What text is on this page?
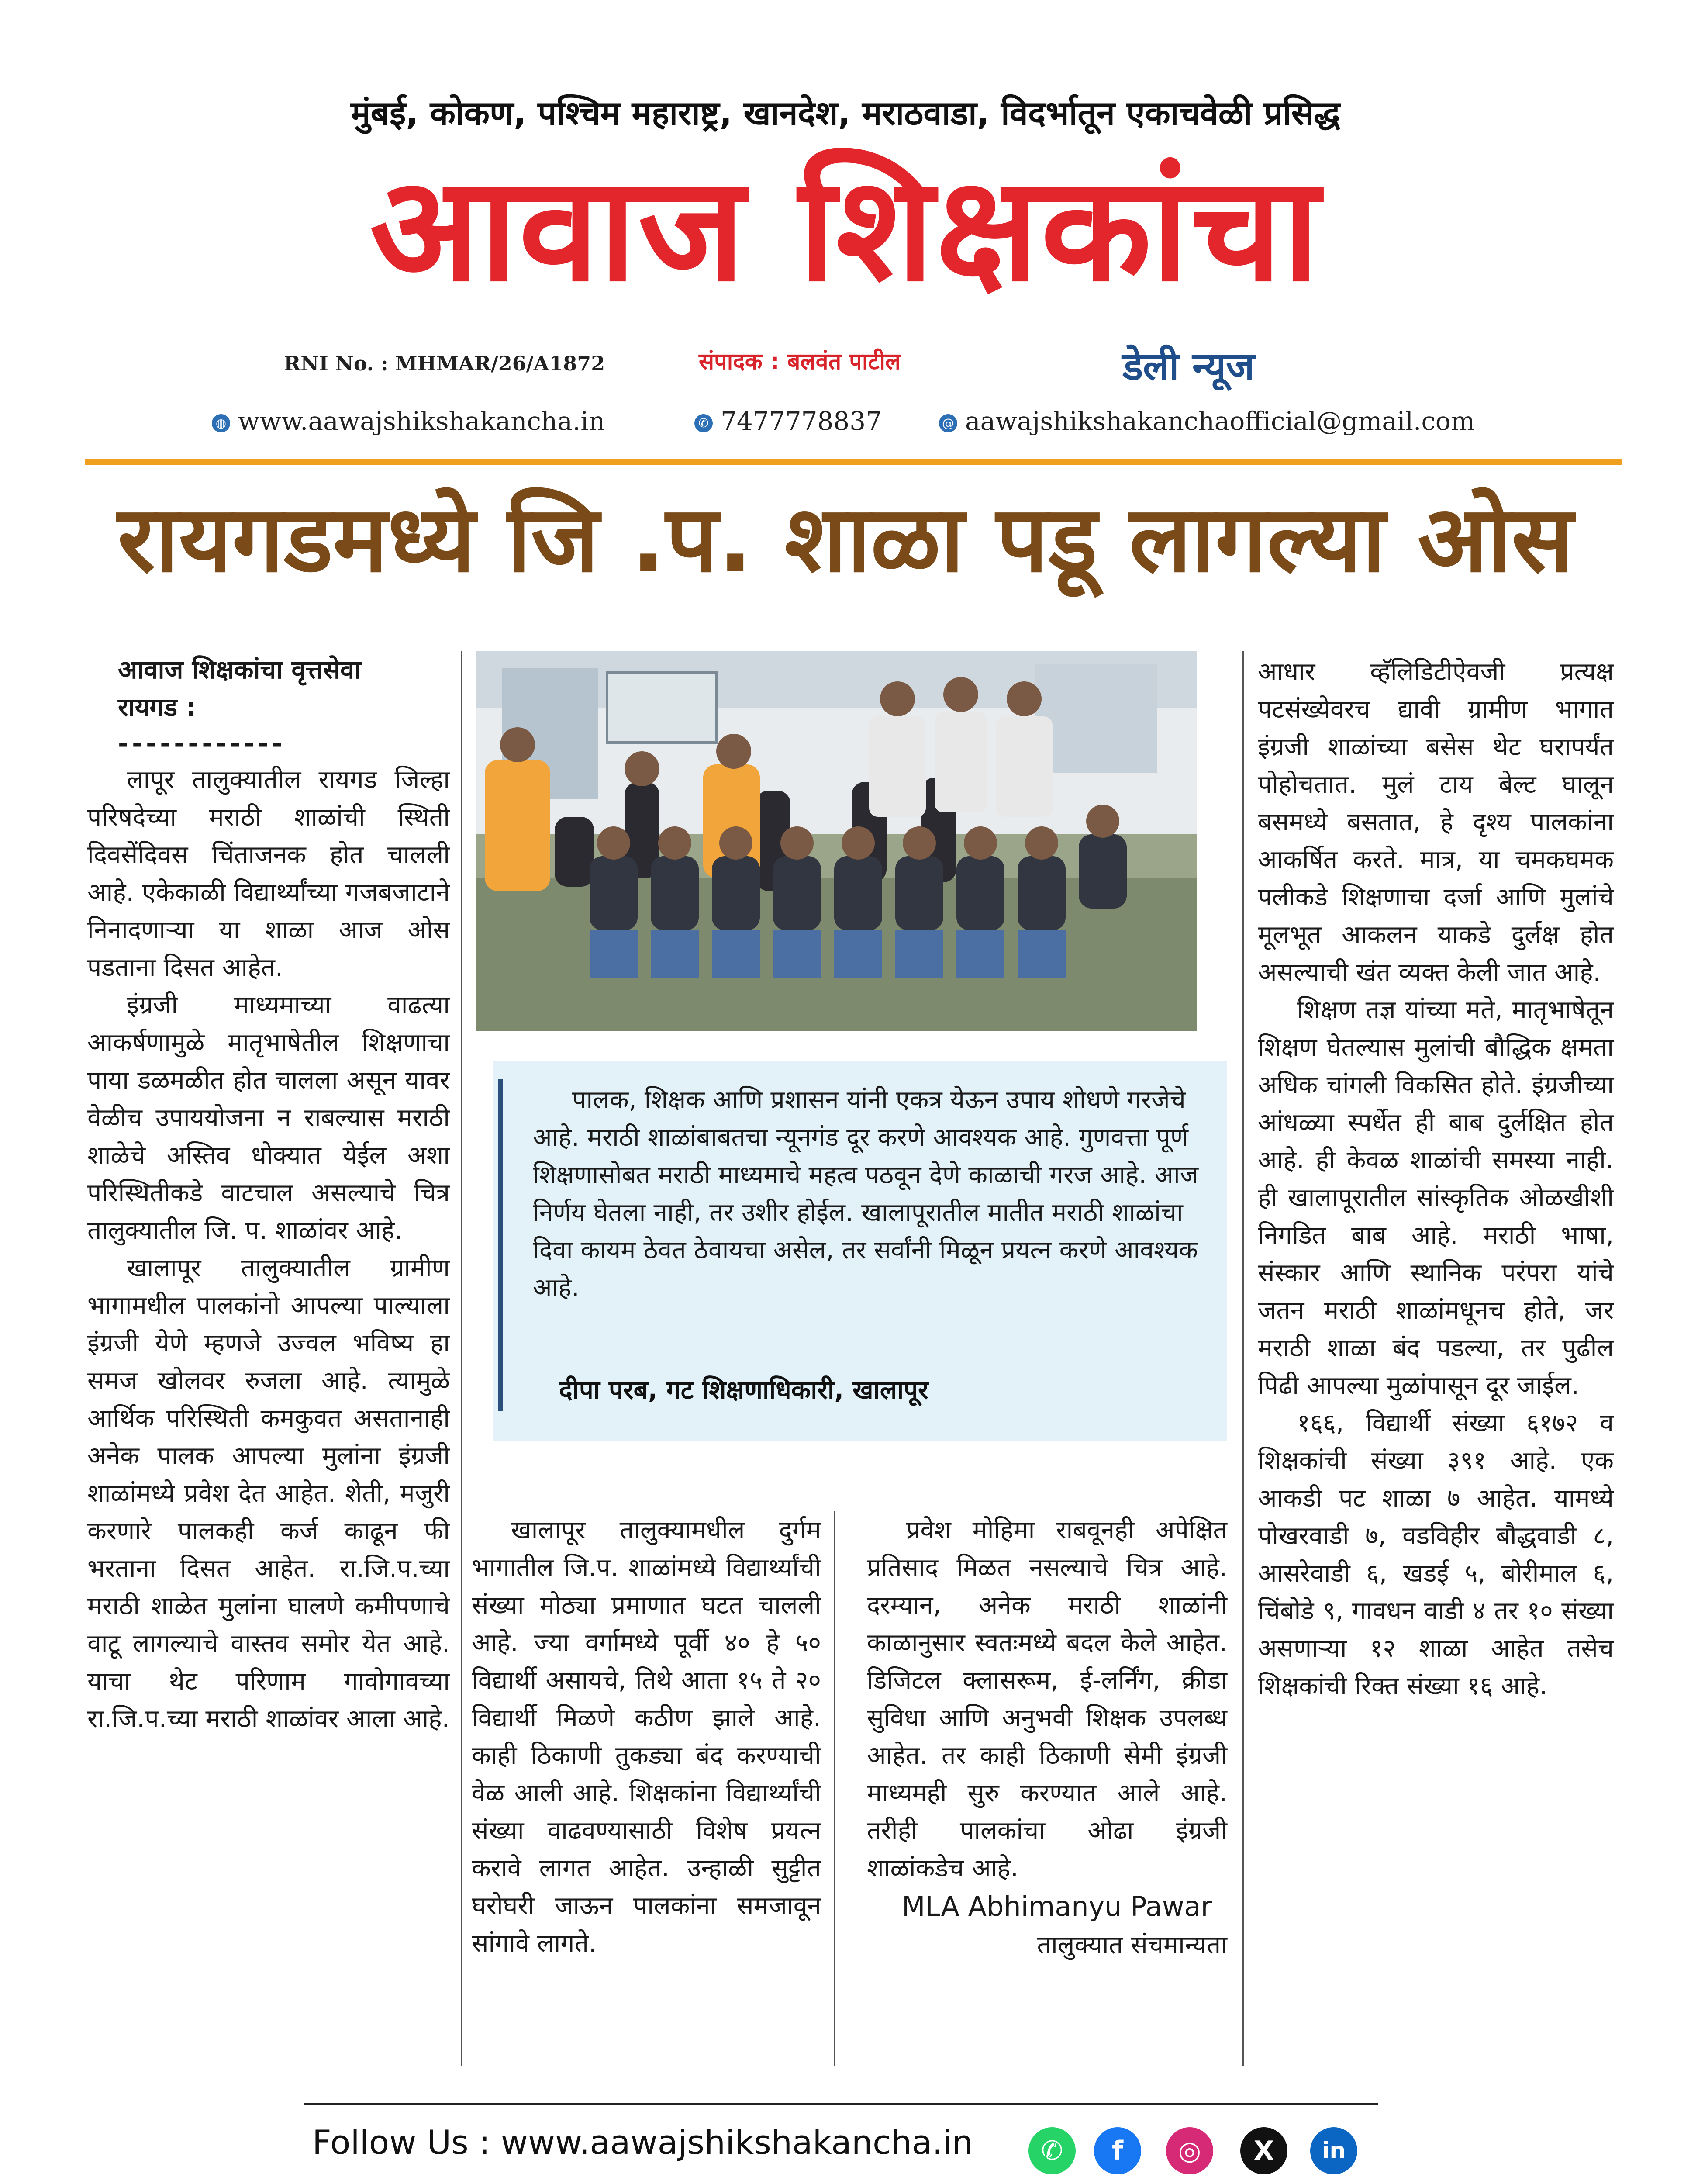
मुंबई, कोकण, पश्चिम महाराष्ट्र, खानदेश, मराठवाडा, विदर्भातून एकाचवेळी प्रसिद्ध
आवाज शिक्षकांचा
RNI No. : MHMAR/26/A1872	संपादक : बलवंत पाटील	डेली न्यूज
◍ www.aawajshikshakancha.in	✆ 7477778837	@ aawajshikshakanchaofficial@gmail.com
रायगडमध्ये जि .प. शाळा पडू लागल्या ओस
आवाज शिक्षकांचा वृत्तसेवा
रायगड :
------------

लापूर तालुक्यातील रायगड जिल्हा परिषदेच्या मराठी शाळांची स्थिती दिवसेंदिवस चिंताजनक होत चालली आहे. एकेकाळी विद्यार्थ्यांच्या गजबजाटाने निनादणाऱ्या या शाळा आज ओस पडताना दिसत आहेत.

इंग्रजी माध्यमाच्या वाढत्या आकर्षणामुळे मातृभाषेतील शिक्षणाचा पाया डळमळीत होत चालला असून यावर वेळीच उपाययोजना न राबल्यास मराठी शाळेचे अस्तिव धोक्यात येईल अशा परिस्थितीकडे वाटचाल असल्याचे चित्र तालुक्यातील जि. प. शाळांवर आहे.

खालापूर तालुक्यातील ग्रामीण भागामधील पालकांनो आपल्या पाल्याला इंग्रजी येणे म्हणजे उज्वल भविष्य हा समज खोलवर रुजला आहे. त्यामुळे आर्थिक परिस्थिती कमकुवत असतानाही अनेक पालक आपल्या मुलांना इंग्रजी शाळांमध्ये प्रवेश देत आहेत. शेती, मजुरी करणारे पालकही कर्ज काढून फी भरताना दिसत आहेत. रा.जि.प.च्या मराठी शाळेत मुलांना घालणे कमीपणाचे वाटू लागल्याचे वास्तव समोर येत आहे. याचा थेट परिणाम गावोगावच्या रा.जि.प.च्या मराठी शाळांवर आला आहे.

पालक, शिक्षक आणि प्रशासन यांनी एकत्र येऊन उपाय शोधणे गरजेचे आहे. मराठी शाळांबाबतचा न्यूनगंड दूर करणे आवश्यक आहे. गुणवत्ता पूर्ण शिक्षणासोबत मराठी माध्यमाचे महत्व पठवून देणे काळाची गरज आहे. आज निर्णय घेतला नाही, तर उशीर होईल. खालापूरातील मातीत मराठी शाळांचा दिवा कायम ठेवत ठेवायचा असेल, तर सर्वांनी मिळून प्रयत्न करणे आवश्यक आहे.

दीपा परब, गट शिक्षणाधिकारी, खालापूर

खालापूर तालुक्यामधील दुर्गम भागातील जि.प. शाळांमध्ये विद्यार्थ्यांची संख्या मोठ्या प्रमाणात घटत चालली आहे. ज्या वर्गामध्ये पूर्वी ४० हे ५० विद्यार्थी असायचे, तिथे आता १५ ते २० विद्यार्थी मिळणे कठीण झाले आहे. काही ठिकाणी तुकड्या बंद करण्याची वेळ आली आहे. शिक्षकांना विद्यार्थ्यांची संख्या वाढवण्यासाठी विशेष प्रयत्न करावे लागत आहेत. उन्हाळी सुट्टीत घरोघरी जाऊन पालकांना समजावून सांगावे लागते.

प्रवेश मोहिमा राबवूनही अपेक्षित प्रतिसाद मिळत नसल्याचे चित्र आहे. दरम्यान, अनेक मराठी शाळांनी काळानुसार स्वतःमध्ये बदल केले आहेत. डिजिटल क्लासरूम, ई-लर्निंग, क्रीडा सुविधा आणि अनुभवी शिक्षक उपलब्ध आहेत. तर काही ठिकाणी सेमी इंग्रजी माध्यमही सुरु करण्यात आले आहे. तरीही पालकांचा ओढा इंग्रजी शाळांकडेच आहे.

MLA Abhimanyu Pawar
तालुक्यात संचमान्यता

आधार व्हॅलिडिटीऐवजी प्रत्यक्ष पटसंख्येवरच द्यावी ग्रामीण भागात इंग्रजी शाळांच्या बसेस थेट घरापर्यंत पोहोचतात. मुलं टाय बेल्ट घालून बसमध्ये बसतात, हे दृश्य पालकांना आकर्षित करते. मात्र, या चमकघमक पलीकडे शिक्षणाचा दर्जा आणि मुलांचे मूलभूत आकलन याकडे दुर्लक्ष होत असल्याची खंत व्यक्त केली जात आहे.

शिक्षण तज्ञ यांच्या मते, मातृभाषेतून शिक्षण घेतल्यास मुलांची बौद्धिक क्षमता अधिक चांगली विकसित होते. इंग्रजीच्या आंधळ्या स्पर्धेत ही बाब दुर्लक्षित होत आहे. ही केवळ शाळांची समस्या नाही. ही खालापूरातील सांस्कृतिक ओळखीशी निगडित बाब आहे. मराठी भाषा, संस्कार आणि स्थानिक परंपरा यांचे जतन मराठी शाळांमधूनच होते, जर मराठी शाळा बंद पडल्या, तर पुढील पिढी आपल्या मुळांपासून दूर जाईल.

१६६, विद्यार्थी संख्या ६१७२ व शिक्षकांची संख्या ३९१ आहे. एक आकडी पट शाळा ७ आहेत. यामध्ये पोखरवाडी ७, वडविहीर बौद्धवाडी ८, आसरेवाडी ६, खडई ५, बोरीमाल ६, चिंबोडे ९, गावधन वाडी ४ तर १० संख्या असणाऱ्या १२ शाळा आहेत तसेच शिक्षकांची रिक्त संख्या १६ आहे.

Follow Us : www.aawajshikshakancha.in	✆	f	◎	X	in
